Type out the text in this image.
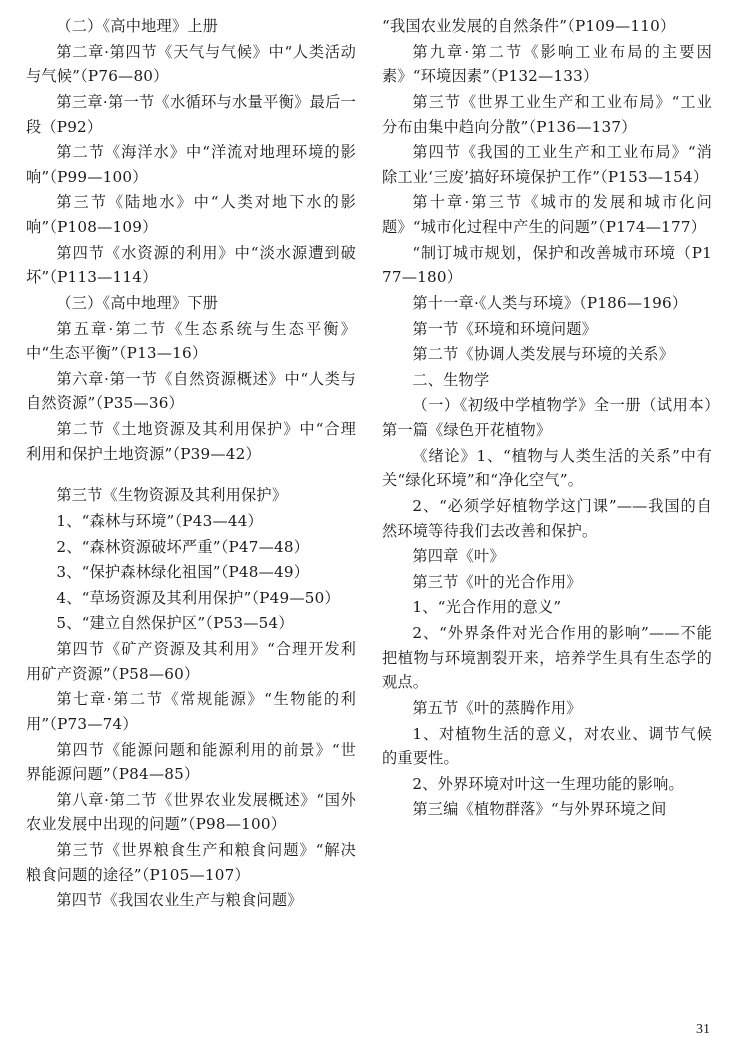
（二）《高中地理》上册

第二章·第四节《天气与气候》中“人类活动与气候”（P76—80）

第三章·第一节《水循环与水量平衡》最后一段（P92）

第二节《海洋水》中“洋流对地理环境的影响”（P99—100）

第三节《陆地水》中“人类对地下水的影响”（P108—109）

第四节《水资源的利用》中“淡水源遭到破坏”（P113—114）

（三）《高中地理》下册

第五章·第二节《生态系统与生态平衡》中“生态平衡”（P13—16）

第六章·第一节《自然资源概述》中“人类与自然资源”（P35—36）

第二节《土地资源及其利用保护》中“合理利用和保护土地资源”（P39—42）

第三节《生物资源及其利用保护》

1、“森林与环境”（P43—44）

2、“森林资源破坏严重”（P47—48）

3、“保护森林绿化祖国”（P48—49）

4、“草场资源及其利用保护”（P49—50）

5、“建立自然保护区”（P53—54）

第四节《矿产资源及其利用》“合理开发利用矿产资源”（P58—60）

第七章·第二节《常规能源》“生物能的利用”（P73—74）

第四节《能源问题和能源利用的前景》“世界能源问题”（P84—85）

第八章·第二节《世界农业发展概述》“国外农业发展中出现的问题”（P98—100）

第三节《世界粮食生产和粮食问题》“解决粮食问题的途径”（P105—107）

第四节《我国农业生产与粮食问题》

“我国农业发展的自然条件”（P109—110）

第九章·第二节《影响工业布局的主要因素》“环境因素”（P132—133）

第三节《世界工业生产和工业布局》“工业分布由集中趋向分散”（P136—137）

第四节《我国的工业生产和工业布局》“消除工业‘三废’搞好环境保护工作”（P153—154）

第十章·第三节《城市的发展和城市化问题》“城市化过程中产生的问题”（P174—177）

“制订城市规划，保护和改善城市环境（P177—180）

第十一章·《人类与环境》（P186—196）

第一节《环境和环境问题》

第二节《协调人类发展与环境的关系》

二、生物学

（一）《初级中学植物学》全一册（试用本）第一篇《绿色开花植物》

《绪论》1、“植物与人类生活的关系”中有关“绿化环境”和“净化空气”。

2、“必须学好植物学这门课”——我国的自然环境等待我们去改善和保护。

第四章《叶》

第三节《叶的光合作用》

1、“光合作用的意义”

2、“外界条件对光合作用的影响”——不能把植物与环境割裂开来，培养学生具有生态学的观点。

第五节《叶的蒸腾作用》

1、对植物生活的意义，对农业、调节气候的重要性。

2、外界环境对叶这一生理功能的影响。

第三编《植物群落》“与外界环境之间

31
